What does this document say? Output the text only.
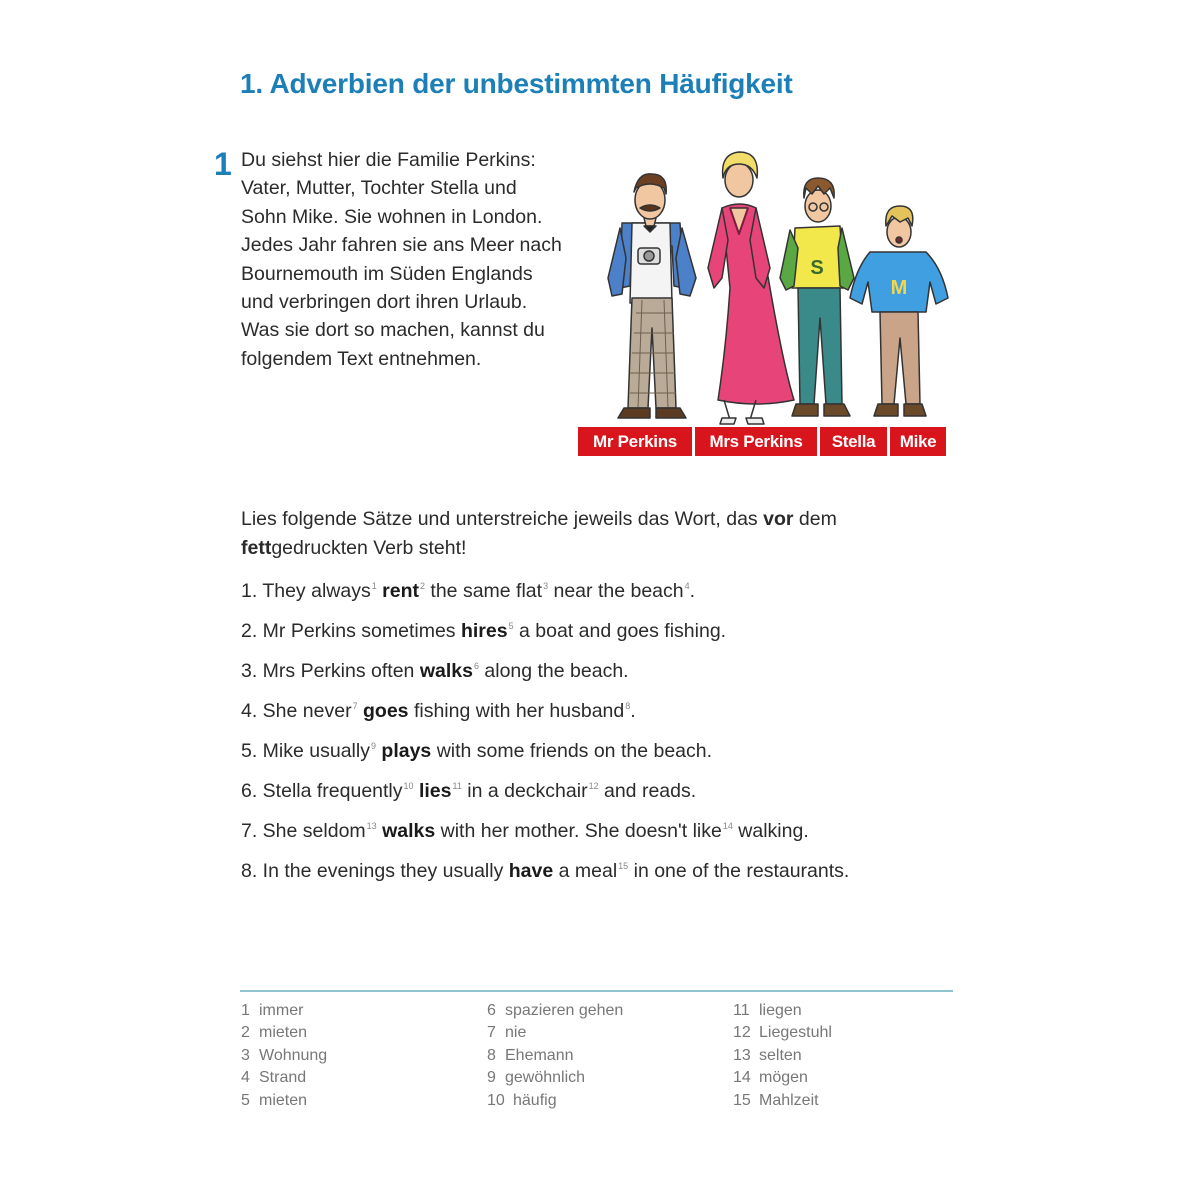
1. Adverbien der unbestimmten Häufigkeit
1 Du siehst hier die Familie Perkins:
Vater, Mutter, Tochter Stella und
Sohn Mike. Sie wohnen in London.
Jedes Jahr fahren sie ans Meer nach
Bournemouth im Süden Englands
und verbringen dort ihren Urlaub.
Was sie dort so machen, kannst du
folgendem Text entnehmen.

S
M
Mr Perkins	Mrs Perkins	Stella	Mike

Lies folgende Sätze und unterstreiche jeweils das Wort, das vor dem
fettgedruckten Verb steht!

1. They always$^1$ rent$^2$ the same flat$^3$ near the beach$^4$.
2. Mr Perkins sometimes hires$^5$ a boat and goes fishing.
3. Mrs Perkins often walks$^6$ along the beach.
4. She never$^7$ goes fishing with her husband$^8$.
5. Mike usually$^9$ plays with some friends on the beach.
6. Stella frequently$^{10}$ lies$^{11}$ in a deckchair$^{12}$ and reads.
7. She seldom$^{13}$ walks with her mother. She doesn't like$^{14}$ walking.
8. In the evenings they usually have a meal$^{15}$ in one of the restaurants.
1 immer
2 mieten
3 Wohnung
4 Strand
5 mieten
6 spazieren gehen
7 nie
8 Ehemann
9 gewöhnlich
10 häufig
11 liegen
12 Liegestuhl
13 selten
14 mögen
15 Mahlzeit
